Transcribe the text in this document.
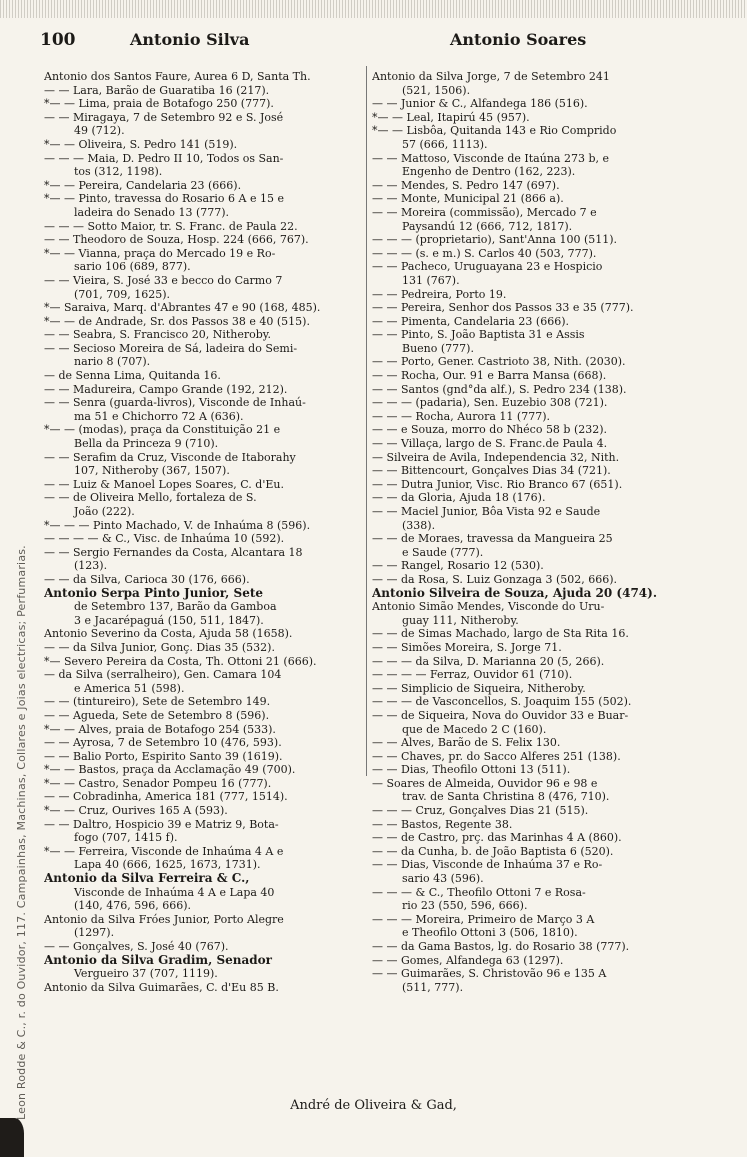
Leon Rodde & C., r. do Ouvidor, 117. Campainhas, Machinas, Collares e Joias electricas; Perfumarias.
100	Antonio Silva	Antonio Soares
Antonio dos Santos Faure, Aurea 6 D, Santa Th.
— — Lara, Barão de Guaratiba 16 (217).
*— — Lima, praia de Botafogo 250 (777).
— — Miragaya, 7 de Setembro 92 e S. José
49 (712).
*— — Oliveira, S. Pedro 141 (519).
— — — Maia, D. Pedro II 10, Todos os San-
tos (312, 1198).
*— — Pereira, Candelaria 23 (666).
*— — Pinto, travessa do Rosario 6 A e 15 e
ladeira do Senado 13 (777).
— — — Sotto Maior, tr. S. Franc. de Paula 22.
— — Theodoro de Souza, Hosp. 224 (666, 767).
*— — Vianna, praça do Mercado 19 e Ro-
sario 106 (689, 877).
— — Vieira, S. José 33 e becco do Carmo 7
(701, 709, 1625).
*— Saraiva, Marq. d'Abrantes 47 e 90 (168, 485).
*— — de Andrade, Sr. dos Passos 38 e 40 (515).
— — Seabra, S. Francisco 20, Nitheroby.
— — Secioso Moreira de Sá, ladeira do Semi-
nario 8 (707).
— de Senna Lima, Quitanda 16.
— — Madureira, Campo Grande (192, 212).
— — Senra (guarda-livros), Visconde de Inhaú-
ma 51 e Chichorro 72 A (636).
*— — (modas), praça da Constituição 21 e
Bella da Princeza 9 (710).
— — Serafim da Cruz, Visconde de Itaborahy
107, Nitheroby (367, 1507).
— — Luiz & Manoel Lopes Soares, C. d'Eu.
— — de Oliveira Mello, fortaleza de S.
João (222).
*— — — Pinto Machado, V. de Inhaúma 8 (596).
— — — — & C., Visc. de Inhaúma 10 (592).
— — Sergio Fernandes da Costa, Alcantara 18
(123).
— — da Silva, Carioca 30 (176, 666).
Antonio Serpa Pinto Junior, Sete
de Setembro 137, Barão da Gamboa
3 e Jacarépaguá (150, 511, 1847).
Antonio Severino da Costa, Ajuda 58 (1658).
— — da Silva Junior, Gonç. Dias 35 (532).
*— Severo Pereira da Costa, Th. Ottoni 21 (666).
— da Silva (serralheiro), Gen. Camara 104
e America 51 (598).
— — (tintureiro), Sete de Setembro 149.
— — Agueda, Sete de Setembro 8 (596).
*— — Alves, praia de Botafogo 254 (533).
— — Ayrosa, 7 de Setembro 10 (476, 593).
— — Balio Porto, Espirito Santo 39 (1619).
*— — Bastos, praça da Acclamação 49 (700).
*— — Castro, Senador Pompeu 16 (777).
— — Cobradinha, America 181 (777, 1514).
*— — Cruz, Ourives 165 A (593).
— — Daltro, Hospicio 39 e Matriz 9, Bota-
fogo (707, 1415 f).
*— — Ferreira, Visconde de Inhaúma 4 A e
Lapa 40 (666, 1625, 1673, 1731).
Antonio da Silva Ferreira & C.,
Visconde de Inhaúma 4 A e Lapa 40
(140, 476, 596, 666).
Antonio da Silva Fróes Junior, Porto Alegre
(1297).
— — Gonçalves, S. José 40 (767).
Antonio da Silva Gradim, Senador
Vergueiro 37 (707, 1119).
Antonio da Silva Guimarães, C. d'Eu 85 B.
Antonio da Silva Jorge, 7 de Setembro 241
(521, 1506).
— — Junior & C., Alfandega 186 (516).
*— — Leal, Itapirú 45 (957).
*— — Lisbôa, Quitanda 143 e Rio Comprido
57 (666, 1113).
— — Mattoso, Visconde de Itaúna 273 b, e
Engenho de Dentro (162, 223).
— — Mendes, S. Pedro 147 (697).
— — Monte, Municipal 21 (866 a).
— — Moreira (commissão), Mercado 7 e
Paysandú 12 (666, 712, 1817).
— — — (proprietario), Sant'Anna 100 (511).
— — — (s. e m.) S. Carlos 40 (503, 777).
— — Pacheco, Uruguayana 23 e Hospicio
131 (767).
— — Pedreira, Porto 19.
— — Pereira, Senhor dos Passos 33 e 35 (777).
— — Pimenta, Candelaria 23 (666).
— — Pinto, S. João Baptista 31 e Assis
Bueno (777).
— — Porto, Gener. Castrioto 38, Nith. (2030).
— — Rocha, Our. 91 e Barra Mansa (668).
— — Santos (gnd°da alf.), S. Pedro 234 (138).
— — — (padaria), Sen. Euzebio 308 (721).
— — — Rocha, Aurora 11 (777).
— — e Souza, morro do Nhéco 58 b (232).
— — Villaça, largo de S. Franc.de Paula 4.
— Silveira de Avila, Independencia 32, Nith.
— — Bittencourt, Gonçalves Dias 34 (721).
— — Dutra Junior, Visc. Rio Branco 67 (651).
— — da Gloria, Ajuda 18 (176).
— — Maciel Junior, Bôa Vista 92 e Saude
(338).
— — de Moraes, travessa da Mangueira 25
e Saude (777).
— — Rangel, Rosario 12 (530).
— — da Rosa, S. Luiz Gonzaga 3 (502, 666).
Antonio Silveira de Souza, Ajuda 20 (474).
Antonio Simão Mendes, Visconde do Uru-
guay 111, Nitheroby.
— — de Simas Machado, largo de Sta Rita 16.
— — Simões Moreira, S. Jorge 71.
— — — da Silva, D. Marianna 20 (5, 266).
— — — — Ferraz, Ouvidor 61 (710).
— — Simplicio de Siqueira, Nitheroby.
— — — de Vasconcellos, S. Joaquim 155 (502).
— — de Siqueira, Nova do Ouvidor 33 e Buar-
que de Macedo 2 C (160).
— — Alves, Barão de S. Felix 130.
— — Chaves, pr. do Sacco Alferes 251 (138).
— — Dias, Theofilo Ottoni 13 (511).
— Soares de Almeida, Ouvidor 96 e 98 e
trav. de Santa Christina 8 (476, 710).
— — — Cruz, Gonçalves Dias 21 (515).
— — Bastos, Regente 38.
— — de Castro, prç. das Marinhas 4 A (860).
— — da Cunha, b. de João Baptista 6 (520).
— — Dias, Visconde de Inhaúma 37 e Ro-
sario 43 (596).
— — — & C., Theofilo Ottoni 7 e Rosa-
rio 23 (550, 596, 666).
— — — Moreira, Primeiro de Março 3 A
e Theofilo Ottoni 3 (506, 1810).
— — da Gama Bastos, lg. do Rosario 38 (777).
— — Gomes, Alfandega 63 (1297).
— — Guimarães, S. Christovão 96 e 135 A
(511, 777).
André de Oliveira & Gad,
